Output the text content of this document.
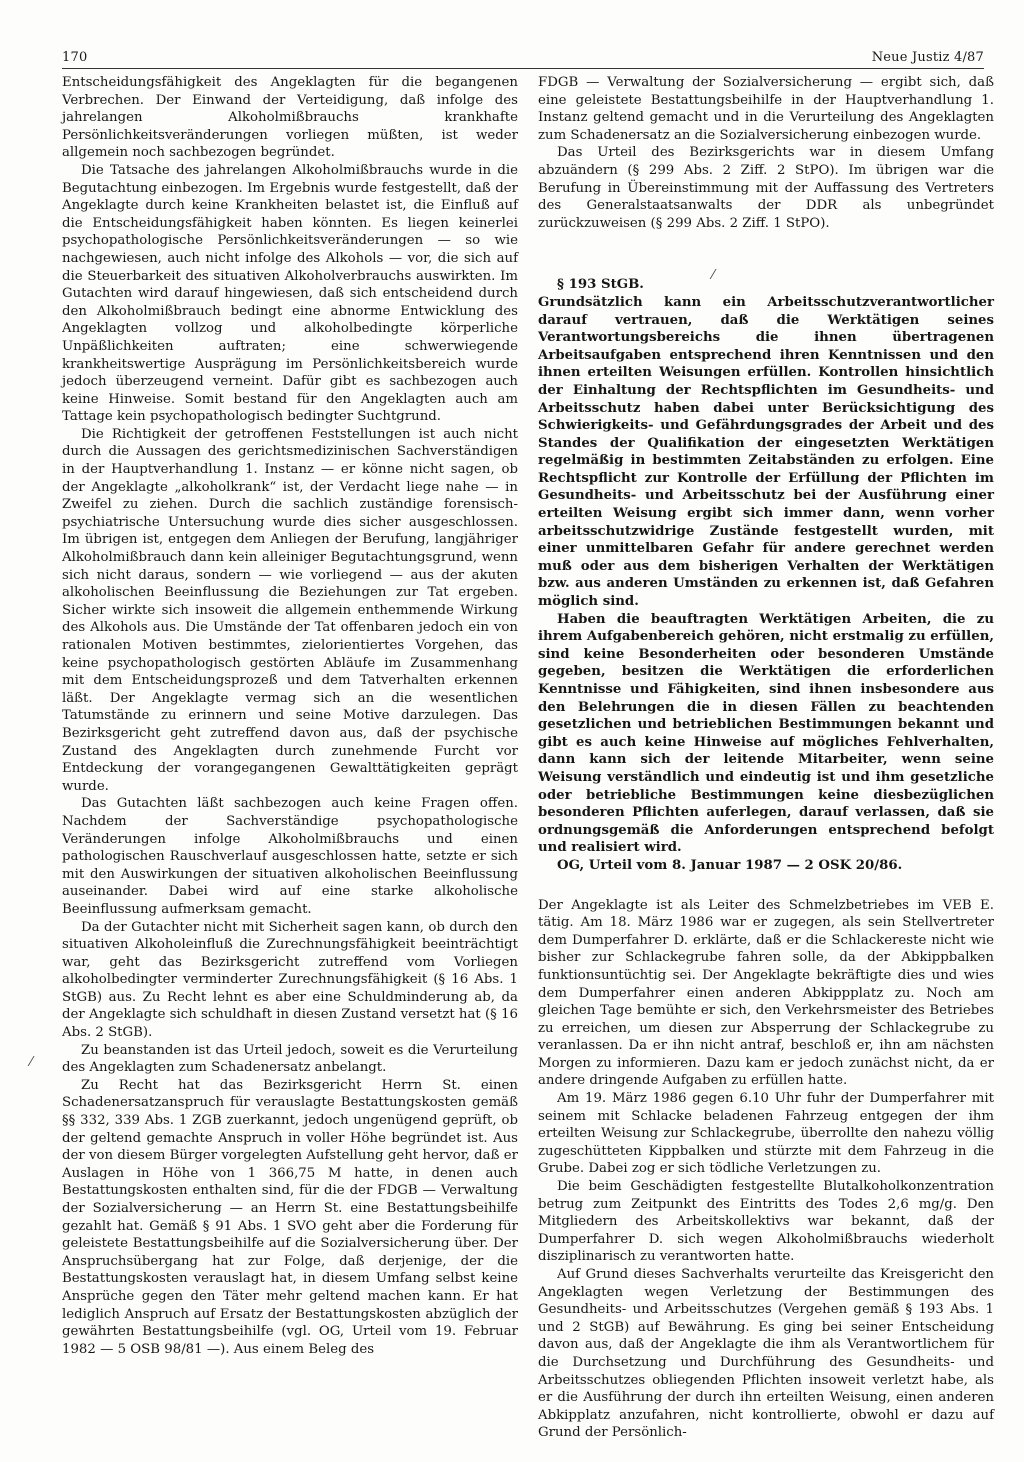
170	Neue Justiz 4/87

Entscheidungsfähigkeit des Angeklagten für die begangenen Verbrechen. Der Einwand der Verteidigung, daß infolge des jahrelangen Alkoholmißbrauchs krankhafte Persönlichkeitsveränderungen vorliegen müßten, ist weder allgemein noch sachbezogen begründet.

Die Tatsache des jahrelangen Alkoholmißbrauchs wurde in die Begutachtung einbezogen. Im Ergebnis wurde festgestellt, daß der Angeklagte durch keine Krankheiten belastet ist, die Einfluß auf die Entscheidungsfähigkeit haben könnten. Es liegen keinerlei psychopathologische Persönlichkeitsveränderungen — so wie nachgewiesen, auch nicht infolge des Alkohols — vor, die sich auf die Steuerbarkeit des situativen Alkoholverbrauchs auswirkten. Im Gutachten wird darauf hingewiesen, daß sich entscheidend durch den Alkoholmißbrauch bedingt eine abnorme Entwicklung des Angeklagten vollzog und alkoholbedingte körperliche Unpäßlichkeiten auftraten; eine schwerwiegende krankheitswertige Ausprägung im Persönlichkeitsbereich wurde jedoch überzeugend verneint. Dafür gibt es sachbezogen auch keine Hinweise. Somit bestand für den Angeklagten auch am Tattage kein psychopathologisch bedingter Suchtgrund.

Die Richtigkeit der getroffenen Feststellungen ist auch nicht durch die Aussagen des gerichtsmedizinischen Sachverständigen in der Hauptverhandlung 1. Instanz — er könne nicht sagen, ob der Angeklagte „alkoholkrank“ ist, der Verdacht liege nahe — in Zweifel zu ziehen. Durch die sachlich zuständige forensisch-psychiatrische Untersuchung wurde dies sicher ausgeschlossen. Im übrigen ist, entgegen dem Anliegen der Berufung, langjähriger Alkoholmißbrauch dann kein alleiniger Begutachtungsgrund, wenn sich nicht daraus, sondern — wie vorliegend — aus der akuten alkoholischen Beeinflussung die Beziehungen zur Tat ergeben. Sicher wirkte sich insoweit die allgemein enthemmende Wirkung des Alkohols aus. Die Umstände der Tat offenbaren jedoch ein von rationalen Motiven bestimmtes, zielorientiertes Vorgehen, das keine psychopathologisch gestörten Abläufe im Zusammenhang mit dem Entscheidungsprozeß und dem Tatverhalten erkennen läßt. Der Angeklagte vermag sich an die wesentlichen Tatumstände zu erinnern und seine Motive darzulegen. Das Bezirksgericht geht zutreffend davon aus, daß der psychische Zustand des Angeklagten durch zunehmende Furcht vor Entdeckung der vorangegangenen Gewalttätigkeiten geprägt wurde.

Das Gutachten läßt sachbezogen auch keine Fragen offen. Nachdem der Sachverständige psychopathologische Veränderungen infolge Alkoholmißbrauchs und einen pathologischen Rauschverlauf ausgeschlossen hatte, setzte er sich mit den Auswirkungen der situativen alkoholischen Beeinflussung auseinander. Dabei wird auf eine starke alkoholische Beeinflussung aufmerksam gemacht.

Da der Gutachter nicht mit Sicherheit sagen kann, ob durch den situativen Alkoholeinfluß die Zurechnungsfähigkeit beeinträchtigt war, geht das Bezirksgericht zutreffend vom Vorliegen alkoholbedingter verminderter Zurechnungsfähigkeit (§ 16 Abs. 1 StGB) aus. Zu Recht lehnt es aber eine Schuldminderung ab, da der Angeklagte sich schuldhaft in diesen Zustand versetzt hat (§ 16 Abs. 2 StGB).

Zu beanstanden ist das Urteil jedoch, soweit es die Verurteilung des Angeklagten zum Schadenersatz anbelangt.

Zu Recht hat das Bezirksgericht Herrn St. einen Schadenersatzanspruch für verauslagte Bestattungskosten gemäß §§ 332, 339 Abs. 1 ZGB zuerkannt, jedoch ungenügend geprüft, ob der geltend gemachte Anspruch in voller Höhe begründet ist. Aus der von diesem Bürger vorgelegten Aufstellung geht hervor, daß er Auslagen in Höhe von 1 366,75 M hatte, in denen auch Bestattungskosten enthalten sind, für die der FDGB — Verwaltung der Sozialversicherung — an Herrn St. eine Bestattungsbeihilfe gezahlt hat. Gemäß § 91 Abs. 1 SVO geht aber die Forderung für geleistete Bestattungsbeihilfe auf die Sozialversicherung über. Der Anspruchsübergang hat zur Folge, daß derjenige, der die Bestattungskosten verauslagt hat, in diesem Umfang selbst keine Ansprüche gegen den Täter mehr geltend machen kann. Er hat lediglich Anspruch auf Ersatz der Bestattungskosten abzüglich der gewährten Bestattungsbeihilfe (vgl. OG, Urteil vom 19. Februar 1982 — 5 OSB 98/81 —). Aus einem Beleg des

FDGB — Verwaltung der Sozialversicherung — ergibt sich, daß eine geleistete Bestattungsbeihilfe in der Hauptverhandlung 1. Instanz geltend gemacht und in die Verurteilung des Angeklagten zum Schadenersatz an die Sozialversicherung einbezogen wurde.

Das Urteil des Bezirksgerichts war in diesem Umfang abzuändern (§ 299 Abs. 2 Ziff. 2 StPO). Im übrigen war die Berufung in Übereinstimmung mit der Auffassung des Vertreters des Generalstaatsanwalts der DDR als unbegründet zurückzuweisen (§ 299 Abs. 2 Ziff. 1 StPO).

§ 193 StGB.

Grundsätzlich kann ein Arbeitsschutzverantwortlicher darauf vertrauen, daß die Werktätigen seines Verantwortungsbereichs die ihnen übertragenen Arbeitsaufgaben entsprechend ihren Kenntnissen und den ihnen erteilten Weisungen erfüllen. Kontrollen hinsichtlich der Einhaltung der Rechtspflichten im Gesundheits- und Arbeitsschutz haben dabei unter Berücksichtigung des Schwierigkeits- und Gefährdungsgrades der Arbeit und des Standes der Qualifikation der eingesetzten Werktätigen regelmäßig in bestimmten Zeitabständen zu erfolgen. Eine Rechtspflicht zur Kontrolle der Erfüllung der Pflichten im Gesundheits- und Arbeitsschutz bei der Ausführung einer erteilten Weisung ergibt sich immer dann, wenn vorher arbeitsschutzwidrige Zustände festgestellt wurden, mit einer unmittelbaren Gefahr für andere gerechnet werden muß oder aus dem bisherigen Verhalten der Werktätigen bzw. aus anderen Umständen zu erkennen ist, daß Gefahren möglich sind.

Haben die beauftragten Werktätigen Arbeiten, die zu ihrem Aufgabenbereich gehören, nicht erstmalig zu erfüllen, sind keine Besonderheiten oder besonderen Umstände gegeben, besitzen die Werktätigen die erforderlichen Kenntnisse und Fähigkeiten, sind ihnen insbesondere aus den Belehrungen die in diesen Fällen zu beachtenden gesetzlichen und betrieblichen Bestimmungen bekannt und gibt es auch keine Hinweise auf mögliches Fehlverhalten, dann kann sich der leitende Mitarbeiter, wenn seine Weisung verständlich und eindeutig ist und ihm gesetzliche oder betriebliche Bestimmungen keine diesbezüglichen besonderen Pflichten auferlegen, darauf verlassen, daß sie ordnungsgemäß die Anforderungen entsprechend befolgt und realisiert wird.

OG, Urteil vom 8. Januar 1987 — 2 OSK 20/86.

Der Angeklagte ist als Leiter des Schmelzbetriebes im VEB E. tätig. Am 18. März 1986 war er zugegen, als sein Stellvertreter dem Dumperfahrer D. erklärte, daß er die Schlackereste nicht wie bisher zur Schlackegrube fahren solle, da der Abkippbalken funktionsuntüchtig sei. Der Angeklagte bekräftigte dies und wies dem Dumperfahrer einen anderen Abkippplatz zu. Noch am gleichen Tage bemühte er sich, den Verkehrsmeister des Betriebes zu erreichen, um diesen zur Absperrung der Schlackegrube zu veranlassen. Da er ihn nicht antraf, beschloß er, ihn am nächsten Morgen zu informieren. Dazu kam er jedoch zunächst nicht, da er andere dringende Aufgaben zu erfüllen hatte.

Am 19. März 1986 gegen 6.10 Uhr fuhr der Dumperfahrer mit seinem mit Schlacke beladenen Fahrzeug entgegen der ihm erteilten Weisung zur Schlackegrube, überrollte den nahezu völlig zugeschütteten Kippbalken und stürzte mit dem Fahrzeug in die Grube. Dabei zog er sich tödliche Verletzungen zu.

Die beim Geschädigten festgestellte Blutalkoholkonzentration betrug zum Zeitpunkt des Eintritts des Todes 2,6 mg/g. Den Mitgliedern des Arbeitskollektivs war bekannt, daß der Dumperfahrer D. sich wegen Alkoholmißbrauchs wiederholt disziplinarisch zu verantworten hatte.

Auf Grund dieses Sachverhalts verurteilte das Kreisgericht den Angeklagten wegen Verletzung der Bestimmungen des Gesundheits- und Arbeitsschutzes (Vergehen gemäß § 193 Abs. 1 und 2 StGB) auf Bewährung. Es ging bei seiner Entscheidung davon aus, daß der Angeklagte die ihm als Verantwortlichem für die Durchsetzung und Durchführung des Gesundheits- und Arbeitsschutzes obliegenden Pflichten insoweit verletzt habe, als er die Ausführung der durch ihn erteilten Weisung, einen anderen Abkipplatz anzufahren, nicht kontrollierte, obwohl er dazu auf Grund der Persönlich-

⁄
⁄
